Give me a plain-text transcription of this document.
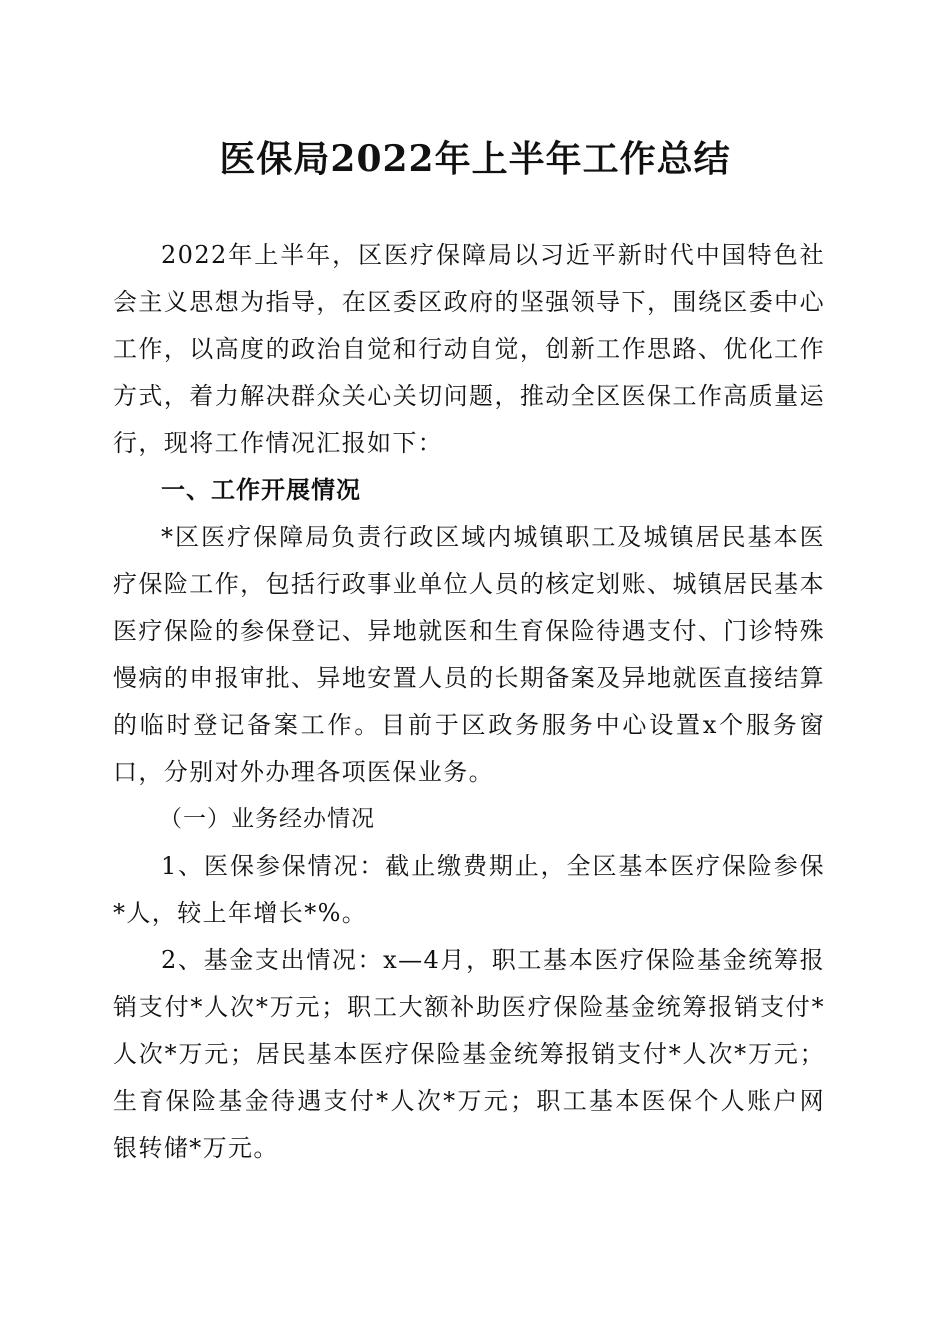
医保局2022年上半年工作总结

2022年上半年，区医疗保障局以习近平新时代中国特色社会主义思想为指导，在区委区政府的坚强领导下，围绕区委中心工作，以高度的政治自觉和行动自觉，创新工作思路、优化工作方式，着力解决群众关心关切问题，推动全区医保工作高质量运行，现将工作情况汇报如下：

一、工作开展情况

*区医疗保障局负责行政区域内城镇职工及城镇居民基本医疗保险工作，包括行政事业单位人员的核定划账、城镇居民基本医疗保险的参保登记、异地就医和生育保险待遇支付、门诊特殊慢病的申报审批、异地安置人员的长期备案及异地就医直接结算的临时登记备案工作。目前于区政务服务中心设置x个服务窗口，分别对外办理各项医保业务。

（一）业务经办情况

1、医保参保情况：截止缴费期止，全区基本医疗保险参保*人，较上年增长*%。

2、基金支出情况：x—4月，职工基本医疗保险基金统筹报销支付*人次*万元；职工大额补助医疗保险基金统筹报销支付*人次*万元；居民基本医疗保险基金统筹报销支付*人次*万元；生育保险基金待遇支付*人次*万元；职工基本医保个人账户网银转储*万元。
